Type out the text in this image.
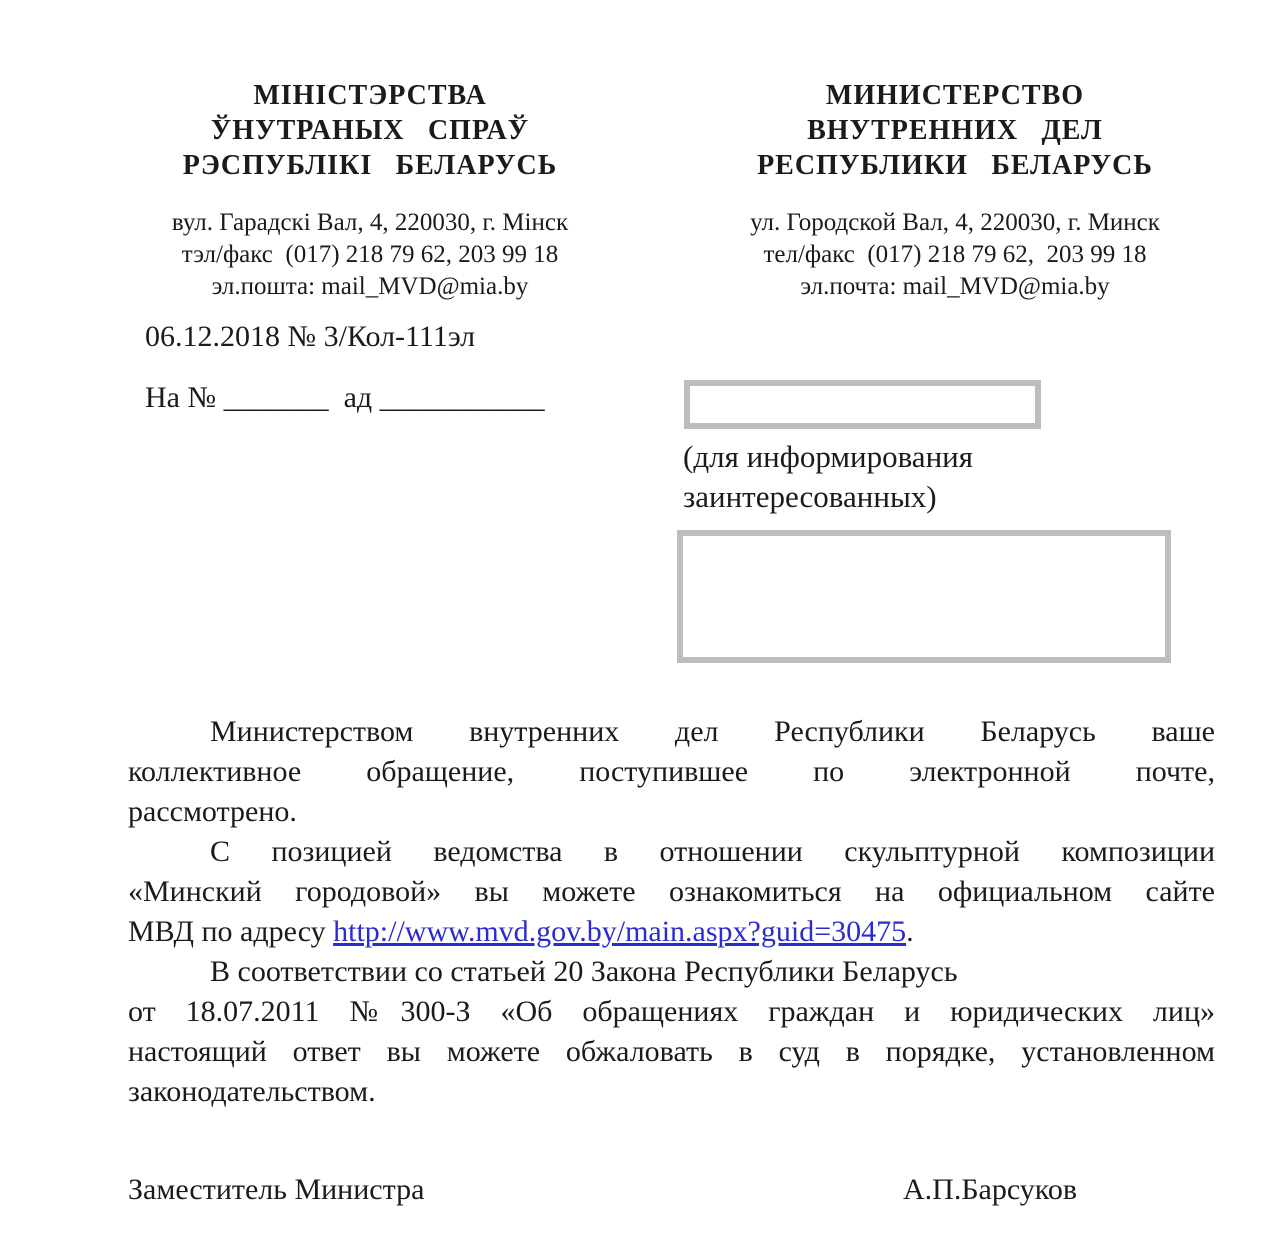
МІНІСТЭРСТВА
ЎНУТРАНЫХ СПРАЎ
РЭСПУБЛІКІ БЕЛАРУСЬ
вул. Гарадскі Вал, 4, 220030, г. Мінск
тэл/факс  (017) 218 79 62, 203 99 18
эл.пошта: mail_MVD@mia.by
МИНИСТЕРСТВО
ВНУТРЕННИХ ДЕЛ
РЕСПУБЛИКИ БЕЛАРУСЬ
ул. Городской Вал, 4, 220030, г. Минск
тел/факс  (017) 218 79 62,  203 99 18
эл.почта: mail_MVD@mia.by
06.12.2018 № 3/Кол-111эл
На № _______  ад ___________
(для информирования заинтересованных)
Министерством внутренних дел Республики Беларусь ваше
коллективное обращение, поступившее по электронной почте,
рассмотрено.
С позицией ведомства в отношении скульптурной композиции
«Минский городовой» вы можете ознакомиться на официальном сайте
МВД по адресу http://www.mvd.gov.by/main.aspx?guid=30475.
В соответствии со статьей 20 Закона Республики Беларусь
от 18.07.2011 №300-З «Об обращениях граждан и юридических лиц»
настоящий ответ вы можете обжаловать в суд в порядке, установленном
законодательством.
Заместитель Министра	А.П.Барсуков
